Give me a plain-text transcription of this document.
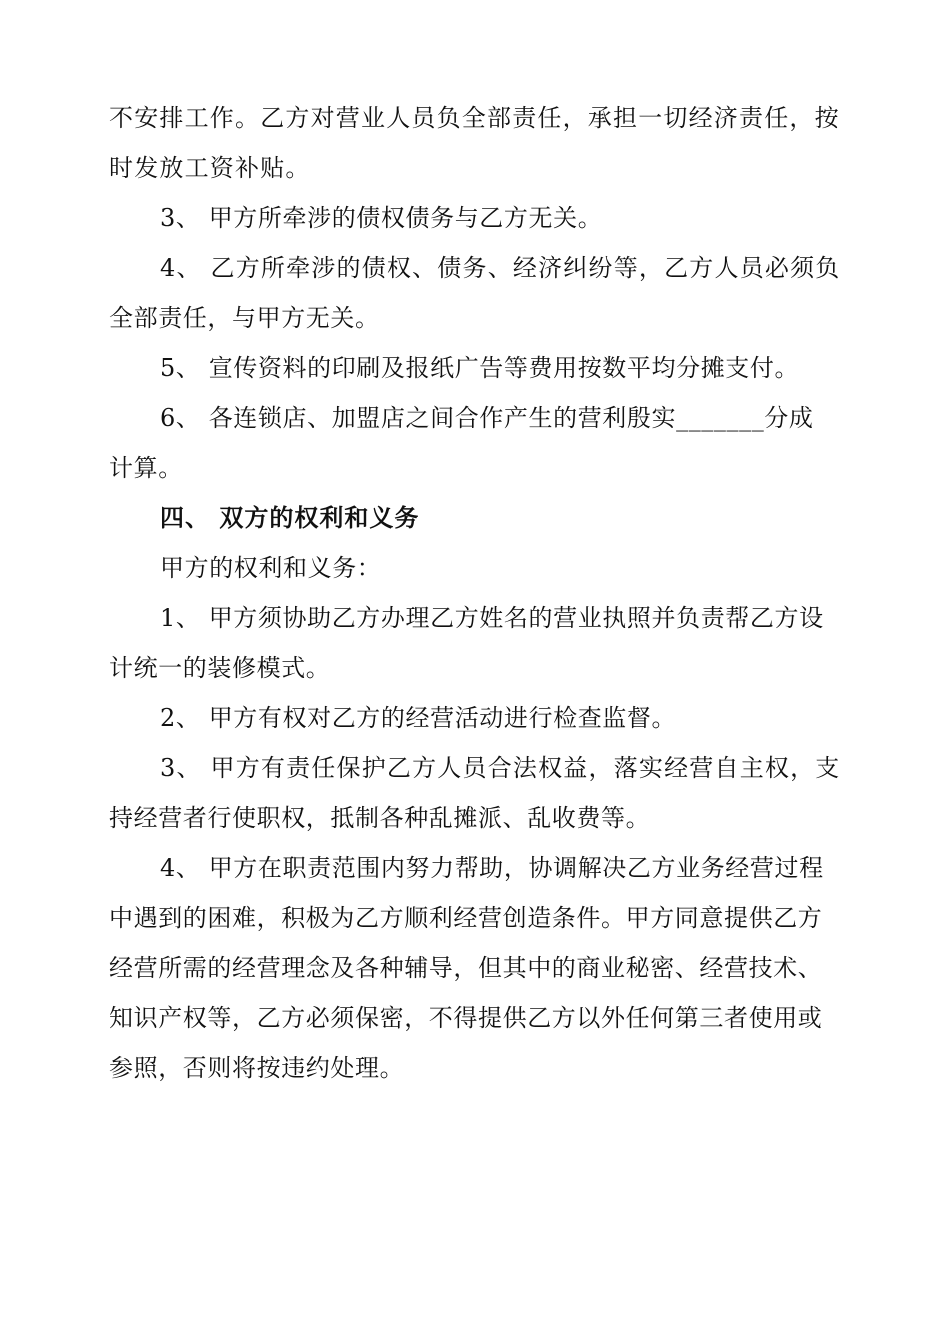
不安排工作。乙方对营业人员负全部责任，承担一切经济责任，按
时发放工资补贴。
3、 甲方所牵涉的债权债务与乙方无关。
4、 乙方所牵涉的债权、债务、经济纠纷等，乙方人员必须负
全部责任，与甲方无关。
5、 宣传资料的印刷及报纸广告等费用按数平均分摊支付。
6、 各连锁店、加盟店之间合作产生的营利殷实_______分成
计算。
四、 双方的权利和义务
甲方的权利和义务：
1、 甲方须协助乙方办理乙方姓名的营业执照并负责帮乙方设
计统一的装修模式。
2、 甲方有权对乙方的经营活动进行检查监督。
3、 甲方有责任保护乙方人员合法权益，落实经营自主权，支
持经营者行使职权，抵制各种乱摊派、乱收费等。
4、 甲方在职责范围内努力帮助，协调解决乙方业务经营过程
中遇到的困难，积极为乙方顺利经营创造条件。甲方同意提供乙方
经营所需的经营理念及各种辅导，但其中的商业秘密、经营技术、
知识产权等，乙方必须保密，不得提供乙方以外任何第三者使用或
参照，否则将按违约处理。
